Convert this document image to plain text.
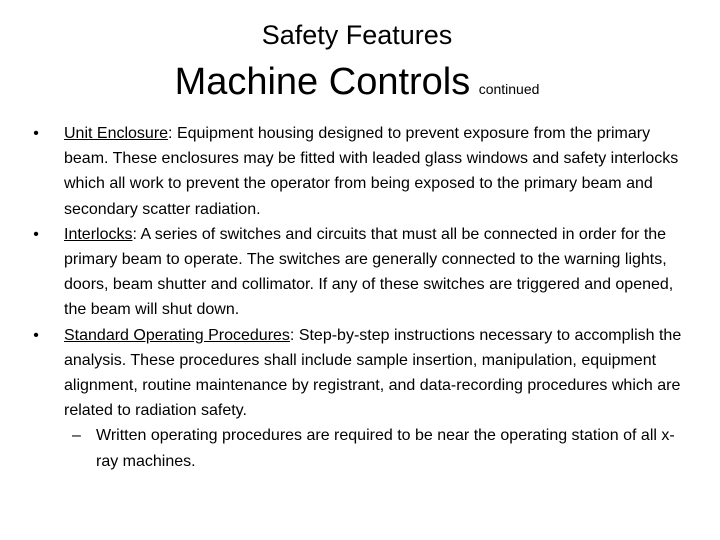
Safety Features
Machine Controls continued
• Unit Enclosure: Equipment housing designed to prevent exposure from the primary beam. These enclosures may be fitted with leaded glass windows and safety interlocks which all work to prevent the operator from being exposed to the primary beam and secondary scatter radiation.
• Interlocks: A series of switches and circuits that must all be connected in order for the primary beam to operate. The switches are generally connected to the warning lights, doors, beam shutter and collimator. If any of these switches are triggered and opened, the beam will shut down.
• Standard Operating Procedures: Step-by-step instructions necessary to accomplish the analysis. These procedures shall include sample insertion, manipulation, equipment alignment, routine maintenance by registrant, and data-recording procedures which are related to radiation safety.
– Written operating procedures are required to be near the operating station of all x-ray machines.
